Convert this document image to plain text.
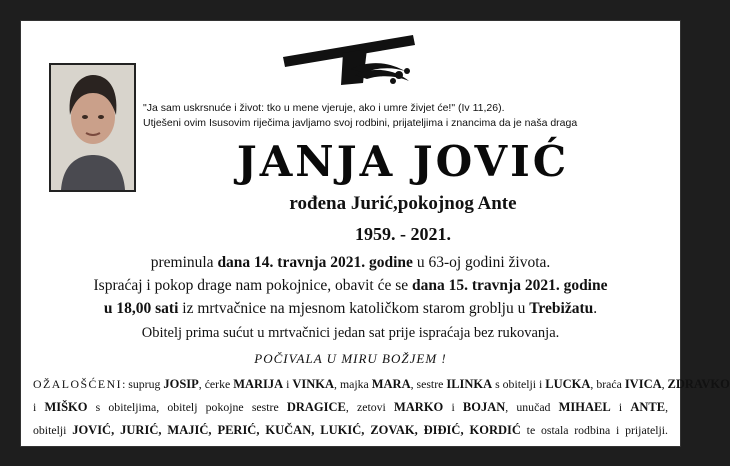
"Ja sam uskrsnuće i život: tko u mene vjeruje, ako i umre živjet će!" (Iv 11,26).
Utješeni ovim Isusovim riječima javljamo svoj rodbini, prijateljima i znancima da je naša draga
JANJA JOVIĆ
rođena Jurić,pokojnog Ante
1959. - 2021.
preminula dana 14. travnja 2021. godine u 63-oj godini života.
Ispraćaj i pokop drage nam pokojnice, obavit će se dana 15. travnja 2021. godine
u 18,00 sati iz mrtvačnice na mjesnom katoličkom starom groblju u Trebižatu.
Obitelj prima sućut u mrtvačnici jedan sat prije ispraćaja bez rukovanja.
POČIVALA U MIRU BOŽJEM !
OŽALOŠĆENI: suprug JOSIP, ćerke MARIJA i VINKA, majka MARA, sestre ILINKA s obitelji i LUCKA, braća IVICA, ZDRAVKO
i MIŠKO s obiteljima, obitelj pokojne sestre DRAGICE, zetovi MARKO i BOJAN, unučad MIHAEL i ANTE,
obitelji JOVIĆ, JURIĆ, MAJIĆ, PERIĆ, KUČAN, LUKIĆ, ZOVAK, ĐIĐIĆ, KORDIĆ te ostala rodbina i prijatelji.
